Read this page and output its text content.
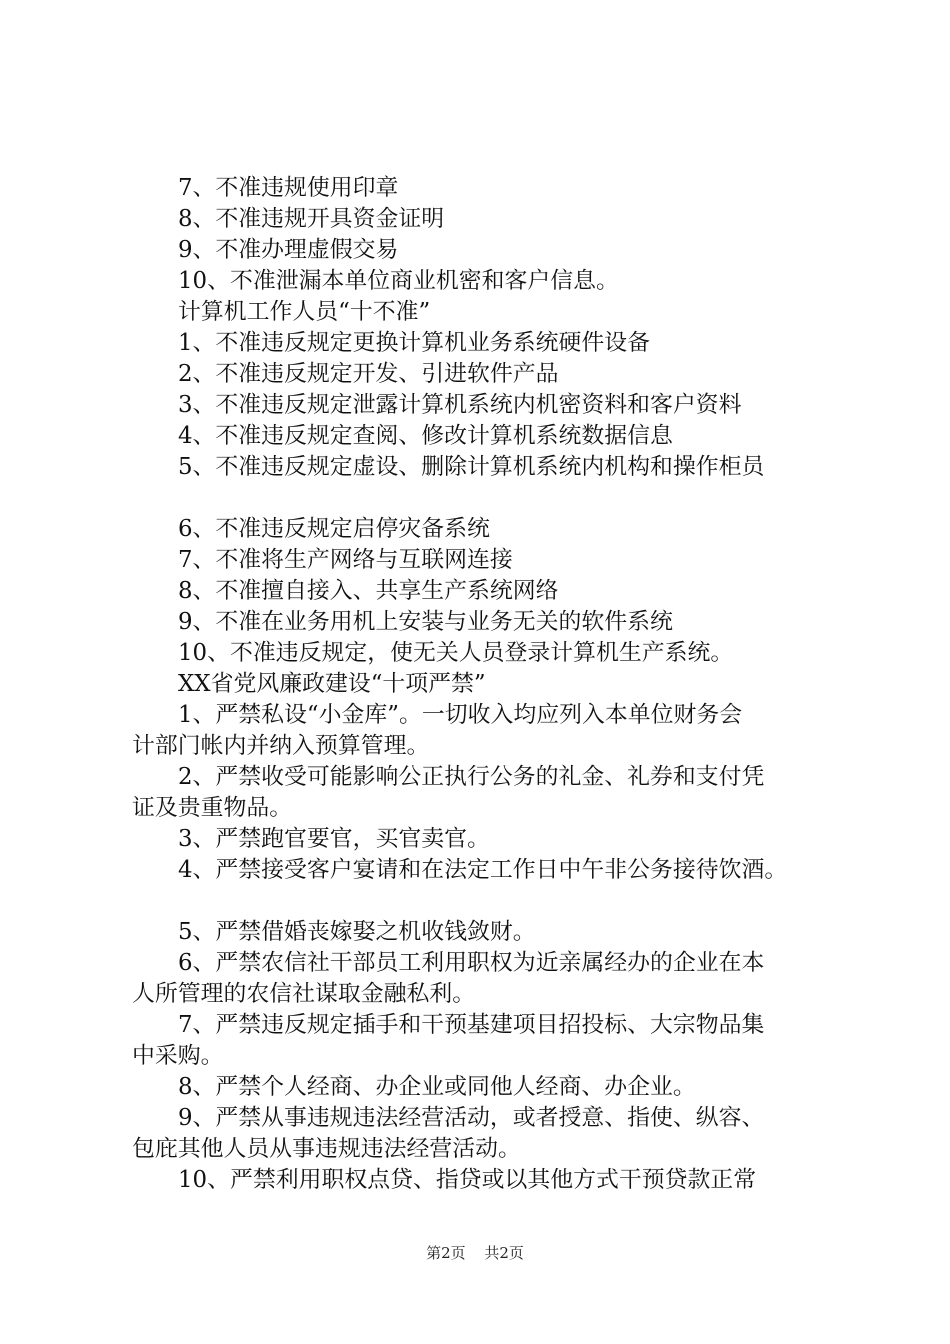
7、不准违规使用印章

8、不准违规开具资金证明

9、不准办理虚假交易

10、不准泄漏本单位商业机密和客户信息。

计算机工作人员“十不准”

1、不准违反规定更换计算机业务系统硬件设备

2、不准违反规定开发、引进软件产品

3、不准违反规定泄露计算机系统内机密资料和客户资料

4、不准违反规定查阅、修改计算机系统数据信息

5、不准违反规定虚设、删除计算机系统内机构和操作柜员

6、不准违反规定启停灾备系统

7、不准将生产网络与互联网连接

8、不准擅自接入、共享生产系统网络

9、不准在业务用机上安装与业务无关的软件系统

10、不准违反规定，使无关人员登录计算机生产系统。

XX省党风廉政建设“十项严禁”

1、严禁私设“小金库”。一切收入均应列入本单位财务会

计部门帐内并纳入预算管理。

2、严禁收受可能影响公正执行公务的礼金、礼券和支付凭

证及贵重物品。

3、严禁跑官要官，买官卖官。

4、严禁接受客户宴请和在法定工作日中午非公务接待饮酒。

5、严禁借婚丧嫁娶之机收钱敛财。

6、严禁农信社干部员工利用职权为近亲属经办的企业在本

人所管理的农信社谋取金融私利。

7、严禁违反规定插手和干预基建项目招投标、大宗物品集

中采购。

8、严禁个人经商、办企业或同他人经商、办企业。

9、严禁从事违规违法经营活动，或者授意、指使、纵容、

包庇其他人员从事违规违法经营活动。

10、严禁利用职权点贷、指贷或以其他方式干预贷款正常

第2页 共2页
